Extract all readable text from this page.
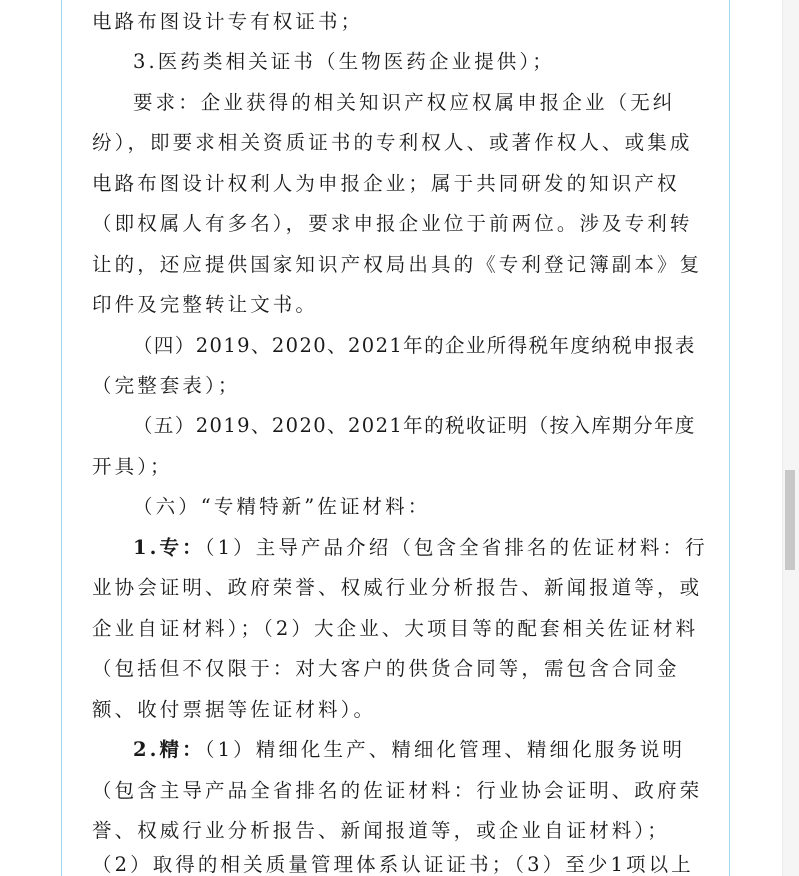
电路布图设计专有权证书；
3.医药类相关证书（生物医药企业提供）；
要求：企业获得的相关知识产权应权属申报企业（无纠
纷），即要求相关资质证书的专利权人、或著作权人、或集成
电路布图设计权利人为申报企业；属于共同研发的知识产权
（即权属人有多名），要求申报企业位于前两位。涉及专利转
让的，还应提供国家知识产权局出具的《专利登记簿副本》复
印件及完整转让文书。
（四）2019、2020、2021年的企业所得税年度纳税申报表
（完整套表）；
（五）2019、2020、2021年的税收证明（按入库期分年度
开具）；
（六）“专精特新”佐证材料：
1.专：（1）主导产品介绍（包含全省排名的佐证材料：行
业协会证明、政府荣誉、权威行业分析报告、新闻报道等，或
企业自证材料）；（2）大企业、大项目等的配套相关佐证材料
（包括但不仅限于：对大客户的供货合同等，需包含合同金
额、收付票据等佐证材料）。
2.精：（1）精细化生产、精细化管理、精细化服务说明
（包含主导产品全省排名的佐证材料：行业协会证明、政府荣
誉、权威行业分析报告、新闻报道等，或企业自证材料）；
（2）取得的相关质量管理体系认证证书；（3）至少1项以上
